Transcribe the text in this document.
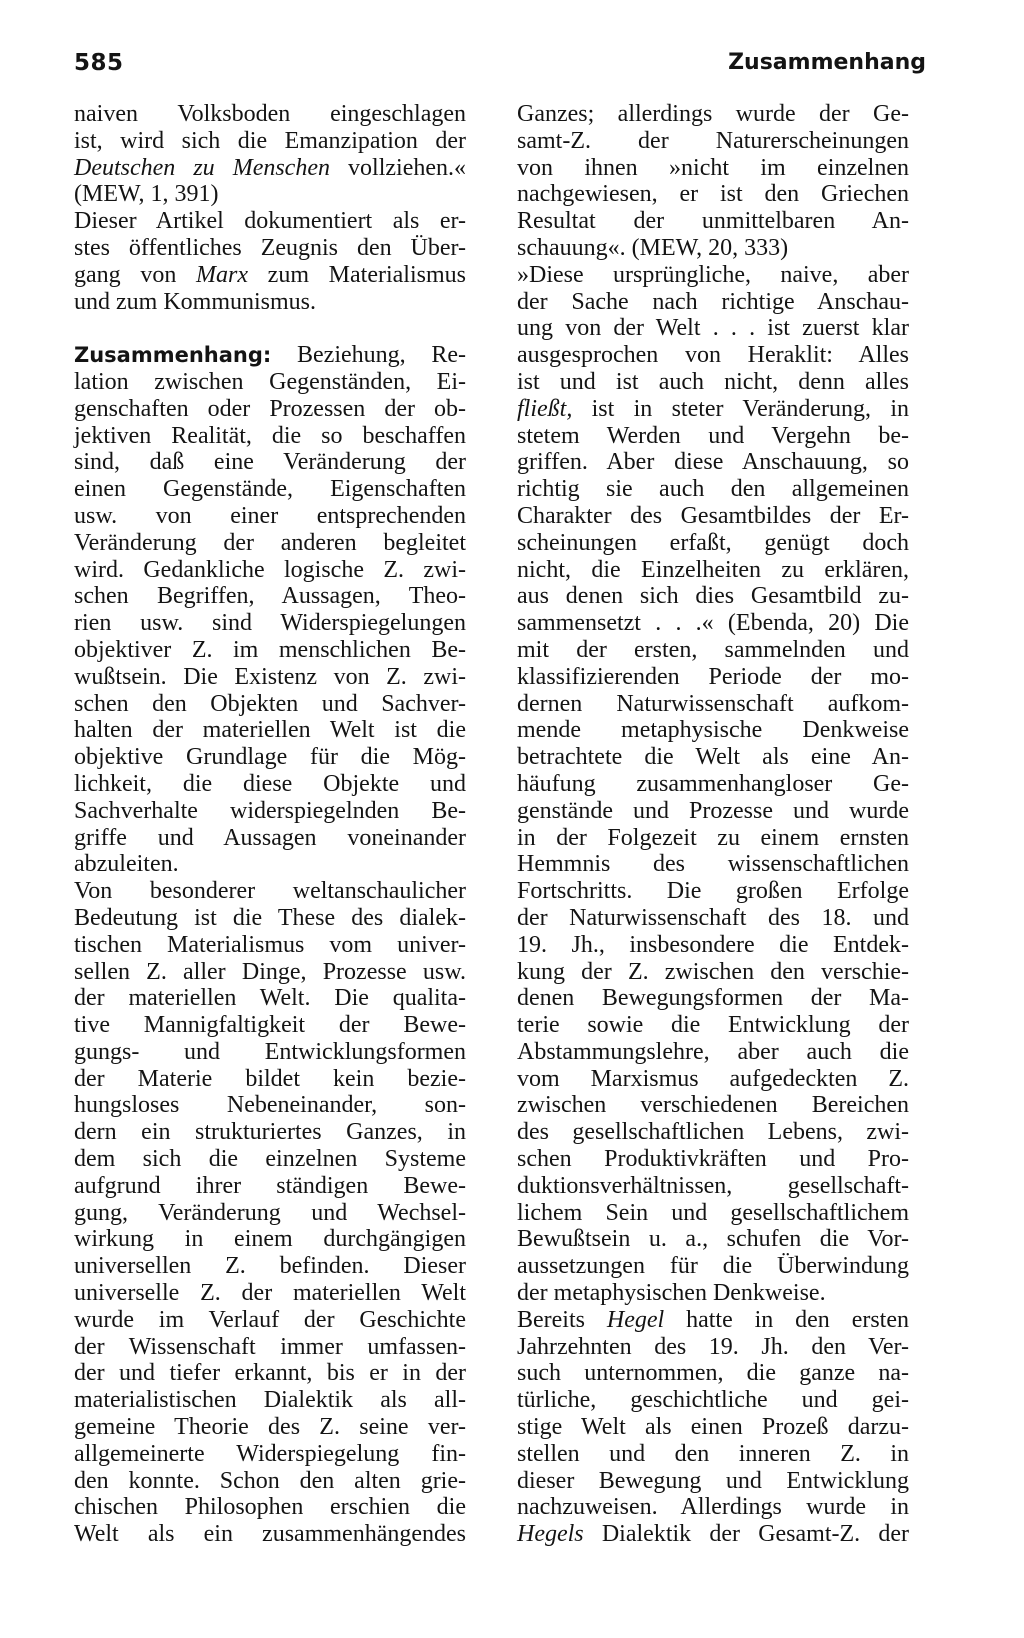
585	Zusammenhang
naiven Volksboden eingeschlagen
ist, wird sich die Emanzipation der
Deutschen zu Menschen vollziehen.«
(MEW, 1, 391)
Dieser Artikel dokumentiert als er-
stes öffentliches Zeugnis den Über-
gang von Marx zum Materialismus
und zum Kommunismus.
Zusammenhang: Beziehung, Re-
lation zwischen Gegenständen, Ei-
genschaften oder Prozessen der ob-
jektiven Realität, die so beschaffen
sind, daß eine Veränderung der
einen Gegenstände, Eigenschaften
usw. von einer entsprechenden
Veränderung der anderen begleitet
wird. Gedankliche logische Z. zwi-
schen Begriffen, Aussagen, Theo-
rien usw. sind Widerspiegelungen
objektiver Z. im menschlichen Be-
wußtsein. Die Existenz von Z. zwi-
schen den Objekten und Sachver-
halten der materiellen Welt ist die
objektive Grundlage für die Mög-
lichkeit, die diese Objekte und
Sachverhalte widerspiegelnden Be-
griffe und Aussagen voneinander
abzuleiten.
Von besonderer weltanschaulicher
Bedeutung ist die These des dialek-
tischen Materialismus vom univer-
sellen Z. aller Dinge, Prozesse usw.
der materiellen Welt. Die qualita-
tive Mannigfaltigkeit der Bewe-
gungs- und Entwicklungsformen
der Materie bildet kein bezie-
hungsloses Nebeneinander, son-
dern ein strukturiertes Ganzes, in
dem sich die einzelnen Systeme
aufgrund ihrer ständigen Bewe-
gung, Veränderung und Wechsel-
wirkung in einem durchgängigen
universellen Z. befinden. Dieser
universelle Z. der materiellen Welt
wurde im Verlauf der Geschichte
der Wissenschaft immer umfassen-
der und tiefer erkannt, bis er in der
materialistischen Dialektik als all-
gemeine Theorie des Z. seine ver-
allgemeinerte Widerspiegelung fin-
den konnte. Schon den alten grie-
chischen Philosophen erschien die
Welt als ein zusammenhängendes
Ganzes; allerdings wurde der Ge-
samt-Z. der Naturerscheinungen
von ihnen »nicht im einzelnen
nachgewiesen, er ist den Griechen
Resultat der unmittelbaren An-
schauung«. (MEW, 20, 333)
»Diese ursprüngliche, naive, aber
der Sache nach richtige Anschau-
ung von der Welt . . . ist zuerst klar
ausgesprochen von Heraklit: Alles
ist und ist auch nicht, denn alles
fließt, ist in steter Veränderung, in
stetem Werden und Vergehn be-
griffen. Aber diese Anschauung, so
richtig sie auch den allgemeinen
Charakter des Gesamtbildes der Er-
scheinungen erfaßt, genügt doch
nicht, die Einzelheiten zu erklären,
aus denen sich dies Gesamtbild zu-
sammensetzt . . .« (Ebenda, 20) Die
mit der ersten, sammelnden und
klassifizierenden Periode der mo-
dernen Naturwissenschaft aufkom-
mende metaphysische Denkweise
betrachtete die Welt als eine An-
häufung zusammenhangloser Ge-
genstände und Prozesse und wurde
in der Folgezeit zu einem ernsten
Hemmnis des wissenschaftlichen
Fortschritts. Die großen Erfolge
der Naturwissenschaft des 18. und
19. Jh., insbesondere die Entdek-
kung der Z. zwischen den verschie-
denen Bewegungsformen der Ma-
terie sowie die Entwicklung der
Abstammungslehre, aber auch die
vom Marxismus aufgedeckten Z.
zwischen verschiedenen Bereichen
des gesellschaftlichen Lebens, zwi-
schen Produktivkräften und Pro-
duktionsverhältnissen, gesellschaft-
lichem Sein und gesellschaftlichem
Bewußtsein u. a., schufen die Vor-
aussetzungen für die Überwindung
der metaphysischen Denkweise.
Bereits Hegel hatte in den ersten
Jahrzehnten des 19. Jh. den Ver-
such unternommen, die ganze na-
türliche, geschichtliche und gei-
stige Welt als einen Prozeß darzu-
stellen und den inneren Z. in
dieser Bewegung und Entwicklung
nachzuweisen. Allerdings wurde in
Hegels Dialektik der Gesamt-Z. der
